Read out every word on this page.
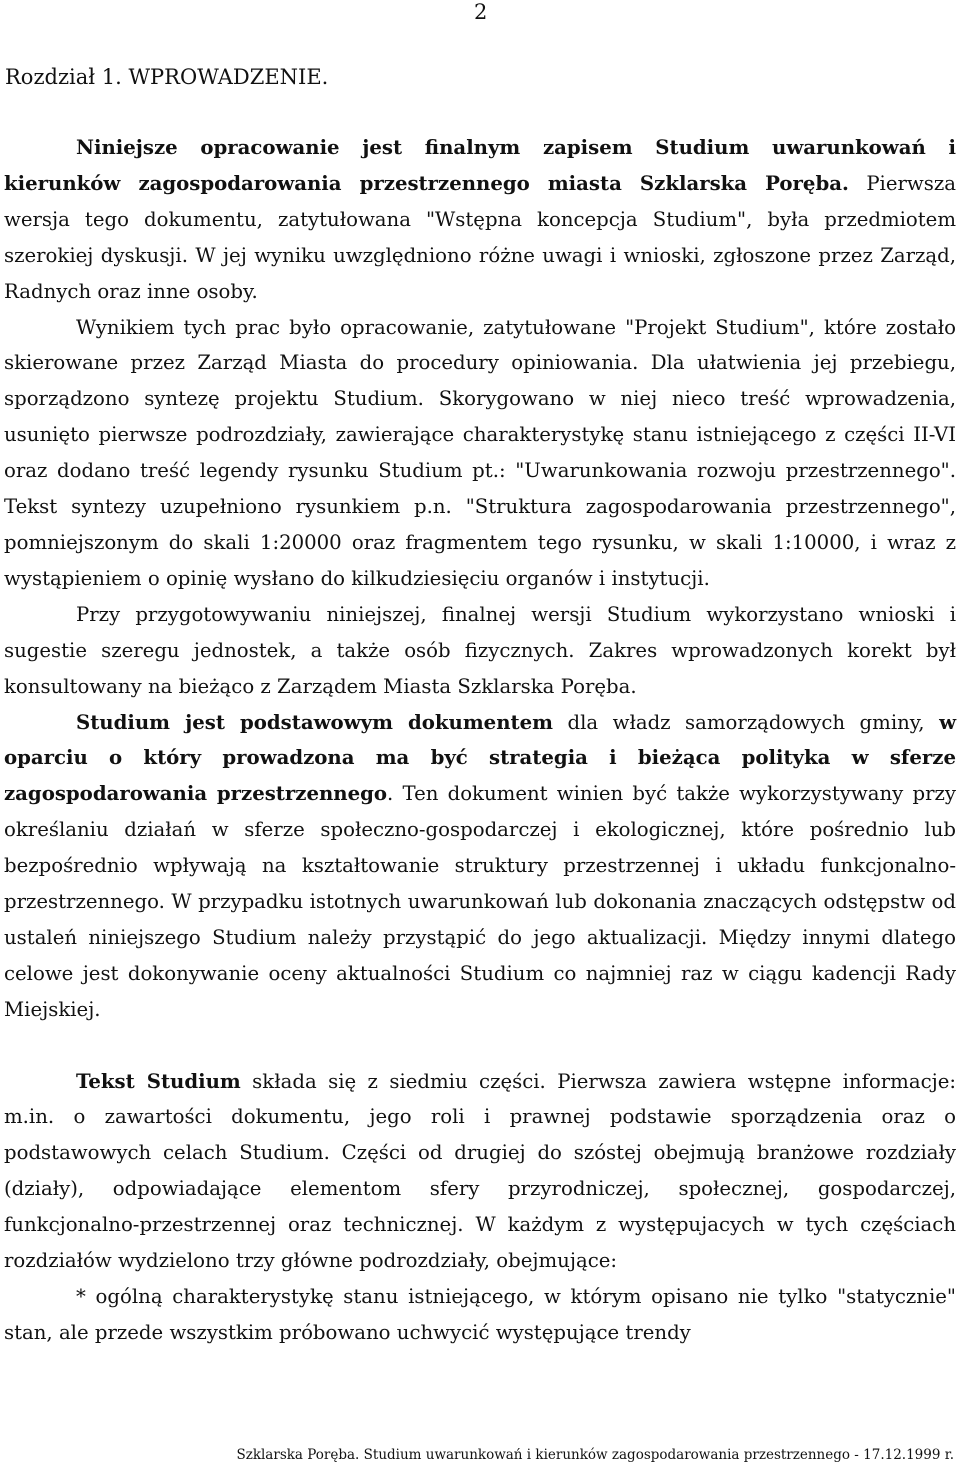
2
Rozdział 1. WPROWADZENIE.

Niniejsze opracowanie jest finalnym zapisem Studium uwarunkowań i kierunków zagospodarowania przestrzennego miasta Szklarska Poręba. Pierwsza wersja tego dokumentu, zatytułowana "Wstępna koncepcja Studium", była przedmiotem szerokiej dyskusji. W jej wyniku uwzględniono różne uwagi i wnioski, zgłoszone przez Zarząd, Radnych oraz inne osoby.

Wynikiem tych prac było opracowanie, zatytułowane "Projekt Studium", które zostało skierowane przez Zarząd Miasta do procedury opiniowania. Dla ułatwienia jej przebiegu, sporządzono syntezę projektu Studium. Skorygowano w niej nieco treść wprowadzenia, usunięto pierwsze podrozdziały, zawierające charakterystykę stanu istniejącego z części II-VI oraz dodano treść legendy rysunku Studium pt.: "Uwarunkowania rozwoju przestrzennego". Tekst syntezy uzupełniono rysunkiem p.n. "Struktura zagospodarowania przestrzennego", pomniejszonym do skali 1:20000 oraz fragmentem tego rysunku, w skali 1:10000, i wraz z wystąpieniem o opinię wysłano do kilkudziesięciu organów i instytucji.

Przy przygotowywaniu niniejszej, finalnej wersji Studium wykorzystano wnioski i sugestie szeregu jednostek, a także osób fizycznych. Zakres wprowadzonych korekt był konsultowany na bieżąco z Zarządem Miasta Szklarska Poręba.

Studium jest podstawowym dokumentem dla władz samorządowych gminy, w oparciu o który prowadzona ma być strategia i bieżąca polityka w sferze zagospodarowania przestrzennego. Ten dokument winien być także wykorzystywany przy określaniu działań w sferze społeczno-gospodarczej i ekologicznej, które pośrednio lub bezpośrednio wpływają na kształtowanie struktury przestrzennej i układu funkcjonalno-przestrzennego. W przypadku istotnych uwarunkowań lub dokonania znaczących odstępstw od ustaleń niniejszego Studium należy przystąpić do jego aktualizacji. Między innymi dlatego celowe jest dokonywanie oceny aktualności Studium co najmniej raz w ciągu kadencji Rady Miejskiej.

Tekst Studium składa się z siedmiu części. Pierwsza zawiera wstępne informacje: m.in. o zawartości dokumentu, jego roli i prawnej podstawie sporządzenia oraz o podstawowych celach Studium. Części od drugiej do szóstej obejmują branżowe rozdziały (działy), odpowiadające elementom sfery przyrodniczej, społecznej, gospodarczej, funkcjonalno-przestrzennej oraz technicznej. W każdym z występujacych w tych częściach rozdziałów wydzielono trzy główne podrozdziały, obejmujące:

* ogólną charakterystykę stanu istniejącego, w którym opisano nie tylko "statycznie" stan, ale przede wszystkim próbowano uchwycić występujące trendy

Szklarska Poręba. Studium uwarunkowań i kierunków zagospodarowania przestrzennego - 17.12.1999 r.
